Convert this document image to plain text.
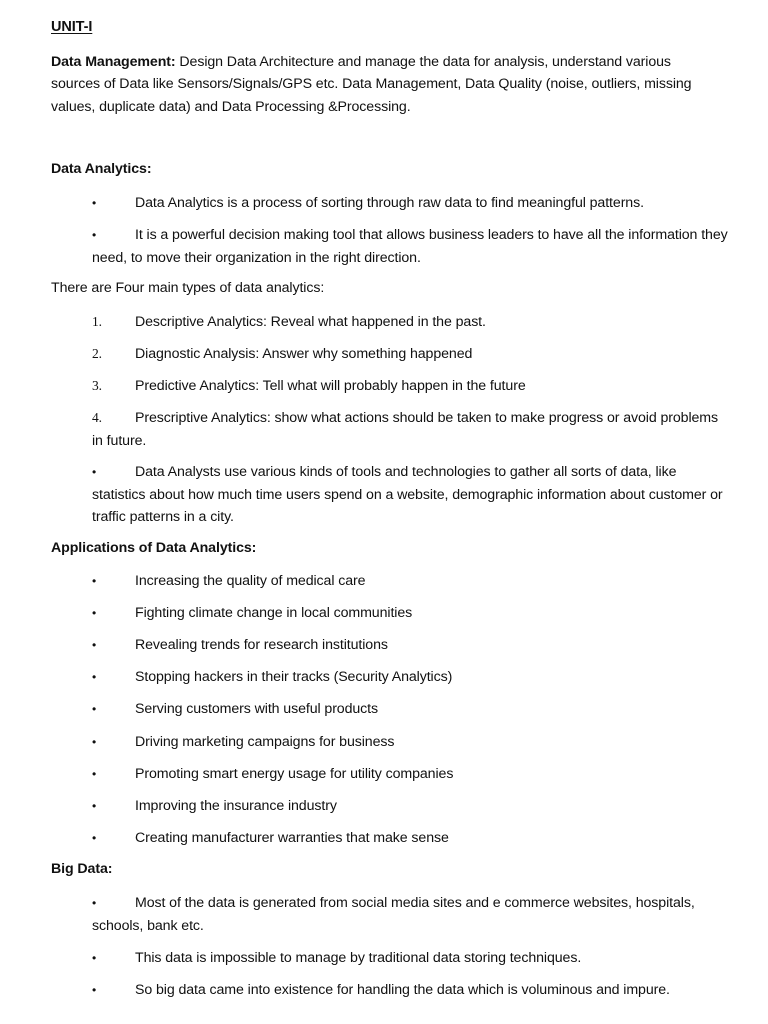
UNIT-I
Data Management: Design Data Architecture and manage the data for analysis, understand various sources of Data like Sensors/Signals/GPS etc. Data Management, Data Quality (noise, outliers, missing values, duplicate data) and Data Processing &Processing.
Data Analytics:
•	Data Analytics is a process of sorting through raw data to find meaningful patterns.
•	It is a powerful decision making tool that allows business leaders to have all the information they need, to move their organization in the right direction.
There are Four main types of data analytics:
1. Descriptive Analytics: Reveal what happened in the past.
2. Diagnostic Analysis: Answer why something happened
3. Predictive Analytics: Tell what will probably happen in the future
4. Prescriptive Analytics: show what actions should be taken to make progress or avoid problems in future.
•	Data Analysts use various kinds of tools and technologies to gather all sorts of data, like statistics about how much time users spend on a website, demographic information about customer or traffic patterns in a city.
Applications of Data Analytics:
•	Increasing the quality of medical care
•	Fighting climate change in local communities
•	Revealing trends for research institutions
•	Stopping hackers in their tracks (Security Analytics)
•	Serving customers with useful products
•	Driving marketing campaigns for business
•	Promoting smart energy usage for utility companies
•	Improving the insurance industry
•	Creating manufacturer warranties that make sense
Big Data:
•	Most of the data is generated from social media sites and e commerce websites, hospitals, schools, bank etc.
•	This data is impossible to manage by traditional data storing techniques.
•	So big data came into existence for handling the data which is voluminous and impure.
